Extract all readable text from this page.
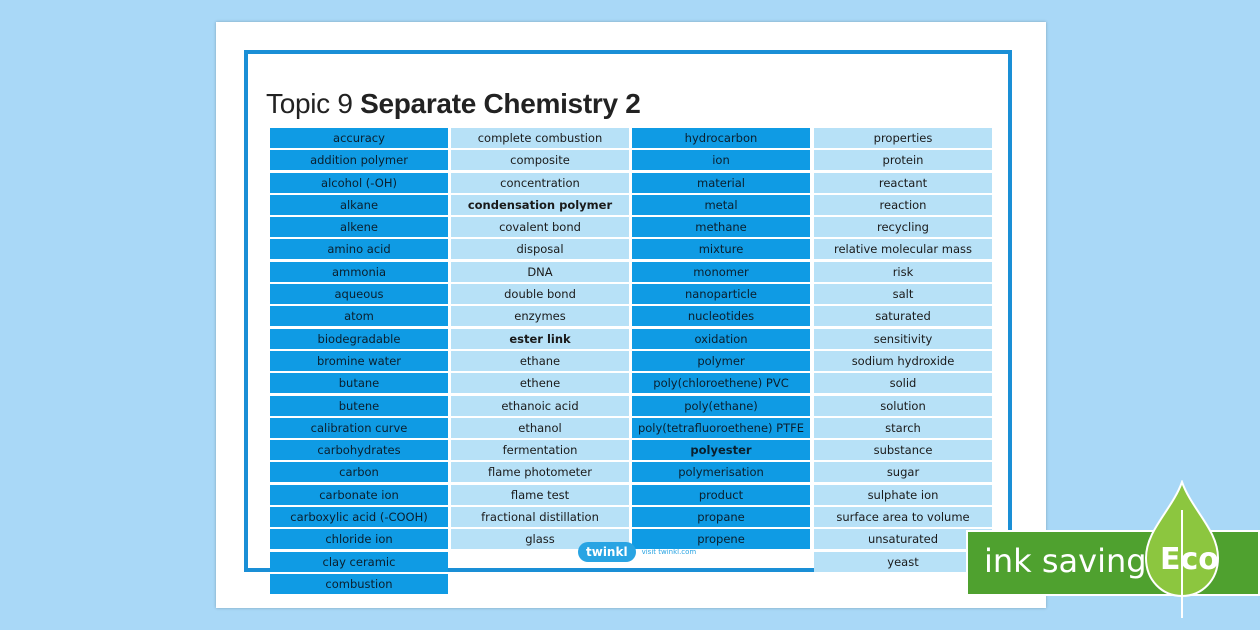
Topic 9 Separate Chemistry 2
accuracy
addition polymer
alcohol (-OH)
alkane
alkene
amino acid
ammonia
aqueous
atom
biodegradable
bromine water
butane
butene
calibration curve
carbohydrates
carbon
carbonate ion
carboxylic acid (-COOH)
chloride ion
clay ceramic
combustion
complete combustion
composite
concentration
condensation polymer
covalent bond
disposal
DNA
double bond
enzymes
ester link
ethane
ethene
ethanoic acid
ethanol
fermentation
flame photometer
flame test
fractional distillation
glass
hydrocarbon
ion
material
metal
methane
mixture
monomer
nanoparticle
nucleotides
oxidation
polymer
poly(chloroethene) PVC
poly(ethane)
poly(tetrafluoroethene) PTFE
polyester
polymerisation
product
propane
propene
properties
protein
reactant
reaction
recycling
relative molecular mass
risk
salt
saturated
sensitivity
sodium hydroxide
solid
solution
starch
substance
sugar
sulphate ion
surface area to volume
unsaturated
yeast
twinkl	visit twinkl.com	ink saving Eco
